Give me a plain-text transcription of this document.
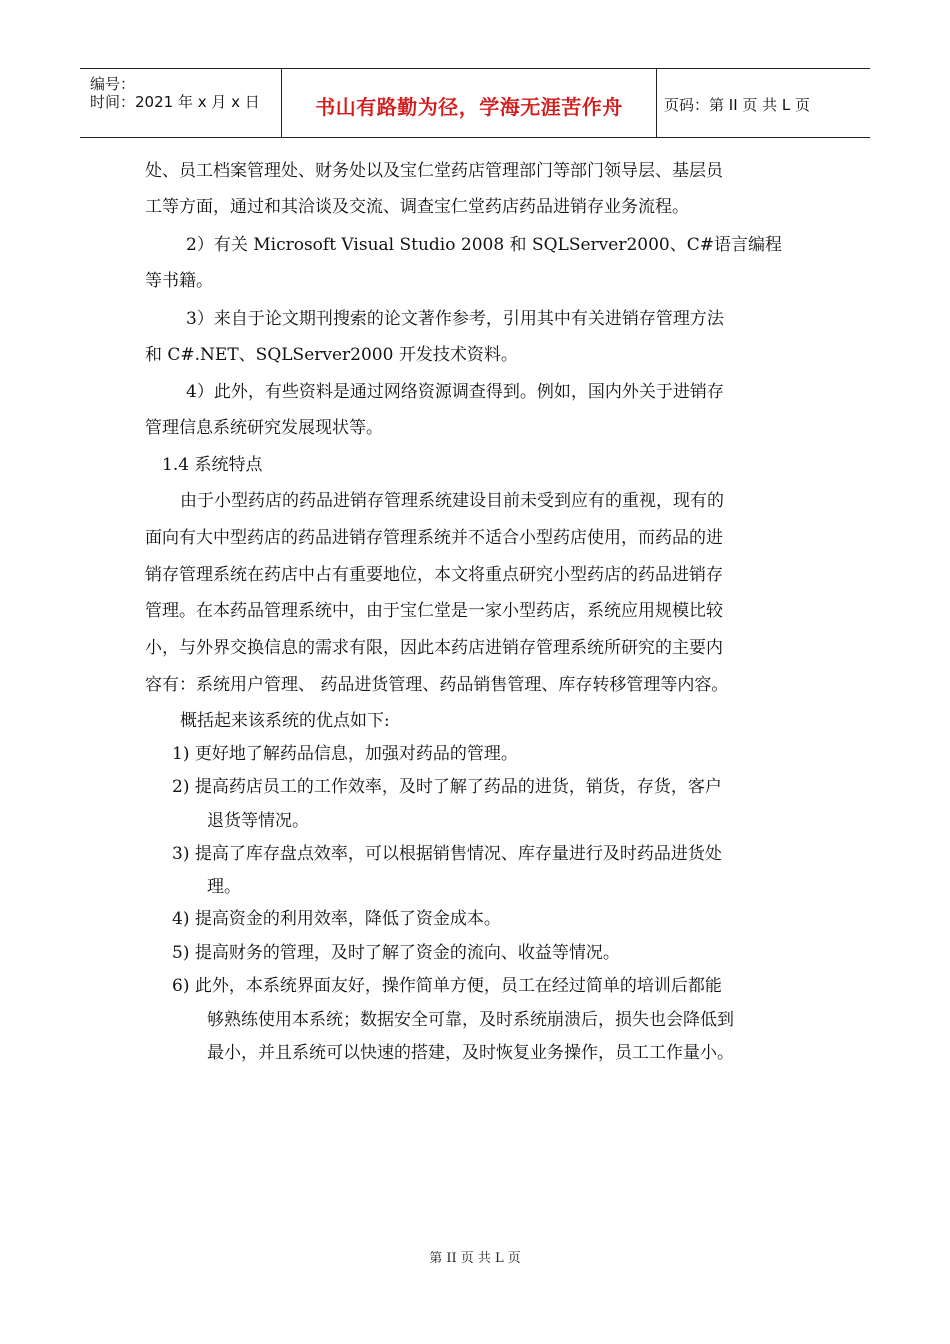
编号：
时间：2021 年 x 月 x 日	书山有路勤为径，学海无涯苦作舟	页码：第 II 页 共 L 页
处、员工档案管理处、财务处以及宝仁堂药店管理部门等部门领导层、基层员
工等方面，通过和其洽谈及交流、调查宝仁堂药店药品进销存业务流程。
2）有关 Microsoft Visual Studio 2008 和 SQLServer2000、C#语言编程
等书籍。
3）来自于论文期刊搜索的论文著作参考，引用其中有关进销存管理方法
和 C#.NET、SQLServer2000 开发技术资料。
4）此外，有些资料是通过网络资源调查得到。例如，国内外关于进销存
管理信息系统研究发展现状等。
1.4 系统特点
由于小型药店的药品进销存管理系统建设目前未受到应有的重视，现有的
面向有大中型药店的药品进销存管理系统并不适合小型药店使用，而药品的进
销存管理系统在药店中占有重要地位，本文将重点研究小型药店的药品进销存
管理。在本药品管理系统中，由于宝仁堂是一家小型药店，系统应用规模比较
小，与外界交换信息的需求有限，因此本药店进销存管理系统所研究的主要内
容有：系统用户管理、 药品进货管理、药品销售管理、库存转移管理等内容。
概括起来该系统的优点如下:
1) 更好地了解药品信息，加强对药品的管理。
2) 提高药店员工的工作效率，及时了解了药品的进货，销货，存货，客户
退货等情况。
3) 提高了库存盘点效率，可以根据销售情况、库存量进行及时药品进货处
理。
4) 提高资金的利用效率，降低了资金成本。
5) 提高财务的管理，及时了解了资金的流向、收益等情况。
6) 此外，本系统界面友好，操作简单方便，员工在经过简单的培训后都能
够熟练使用本系统；数据安全可靠，及时系统崩溃后，损失也会降低到
最小，并且系统可以快速的搭建，及时恢复业务操作，员工工作量小。
第 II 页 共 L 页
